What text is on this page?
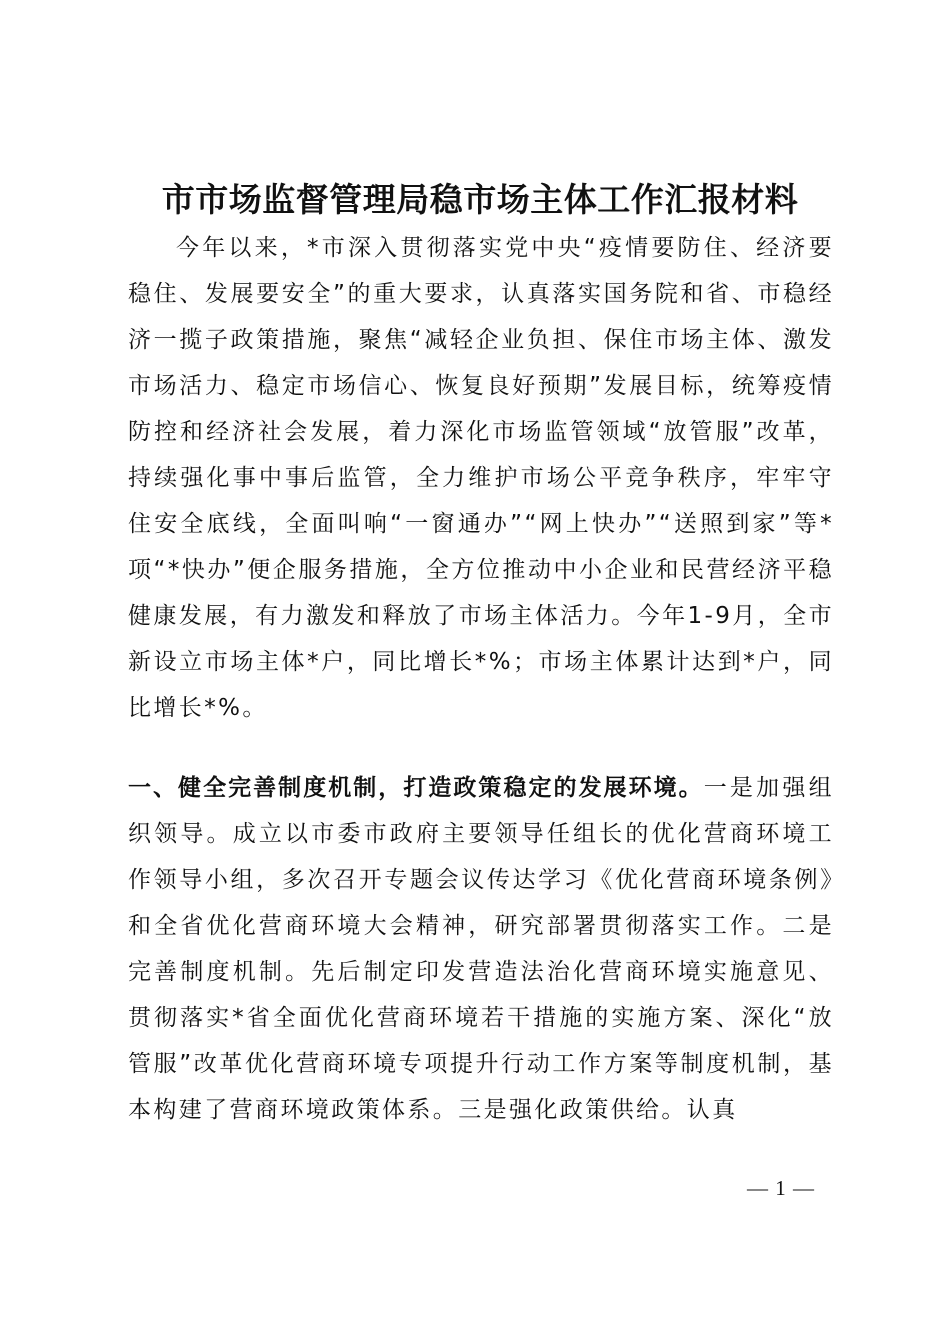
市市场监督管理局稳市场主体工作汇报材料

今年以来，*市深入贯彻落实党中央“疫情要防住、经济要稳住、发展要安全”的重大要求，认真落实国务院和省、市稳经济一揽子政策措施，聚焦“减轻企业负担、保住市场主体、激发市场活力、稳定市场信心、恢复良好预期”发展目标，统筹疫情防控和经济社会发展，着力深化市场监管领域“放管服”改革，持续强化事中事后监管，全力维护市场公平竞争秩序，牢牢守住安全底线，全面叫响“一窗通办”“网上快办”“送照到家”等*项“*快办”便企服务措施，全方位推动中小企业和民营经济平稳健康发展，有力激发和释放了市场主体活力。今年1-9月，全市新设立市场主体*户，同比增长*%；市场主体累计达到*户，同比增长*%。

一、健全完善制度机制，打造政策稳定的发展环境。一是加强组织领导。成立以市委市政府主要领导任组长的优化营商环境工作领导小组，多次召开专题会议传达学习《优化营商环境条例》和全省优化营商环境大会精神，研究部署贯彻落实工作。二是完善制度机制。先后制定印发营造法治化营商环境实施意见、贯彻落实*省全面优化营商环境若干措施的实施方案、深化“放管服”改革优化营商环境专项提升行动工作方案等制度机制，基本构建了营商环境政策体系。三是强化政策供给。认真

— 1 —
